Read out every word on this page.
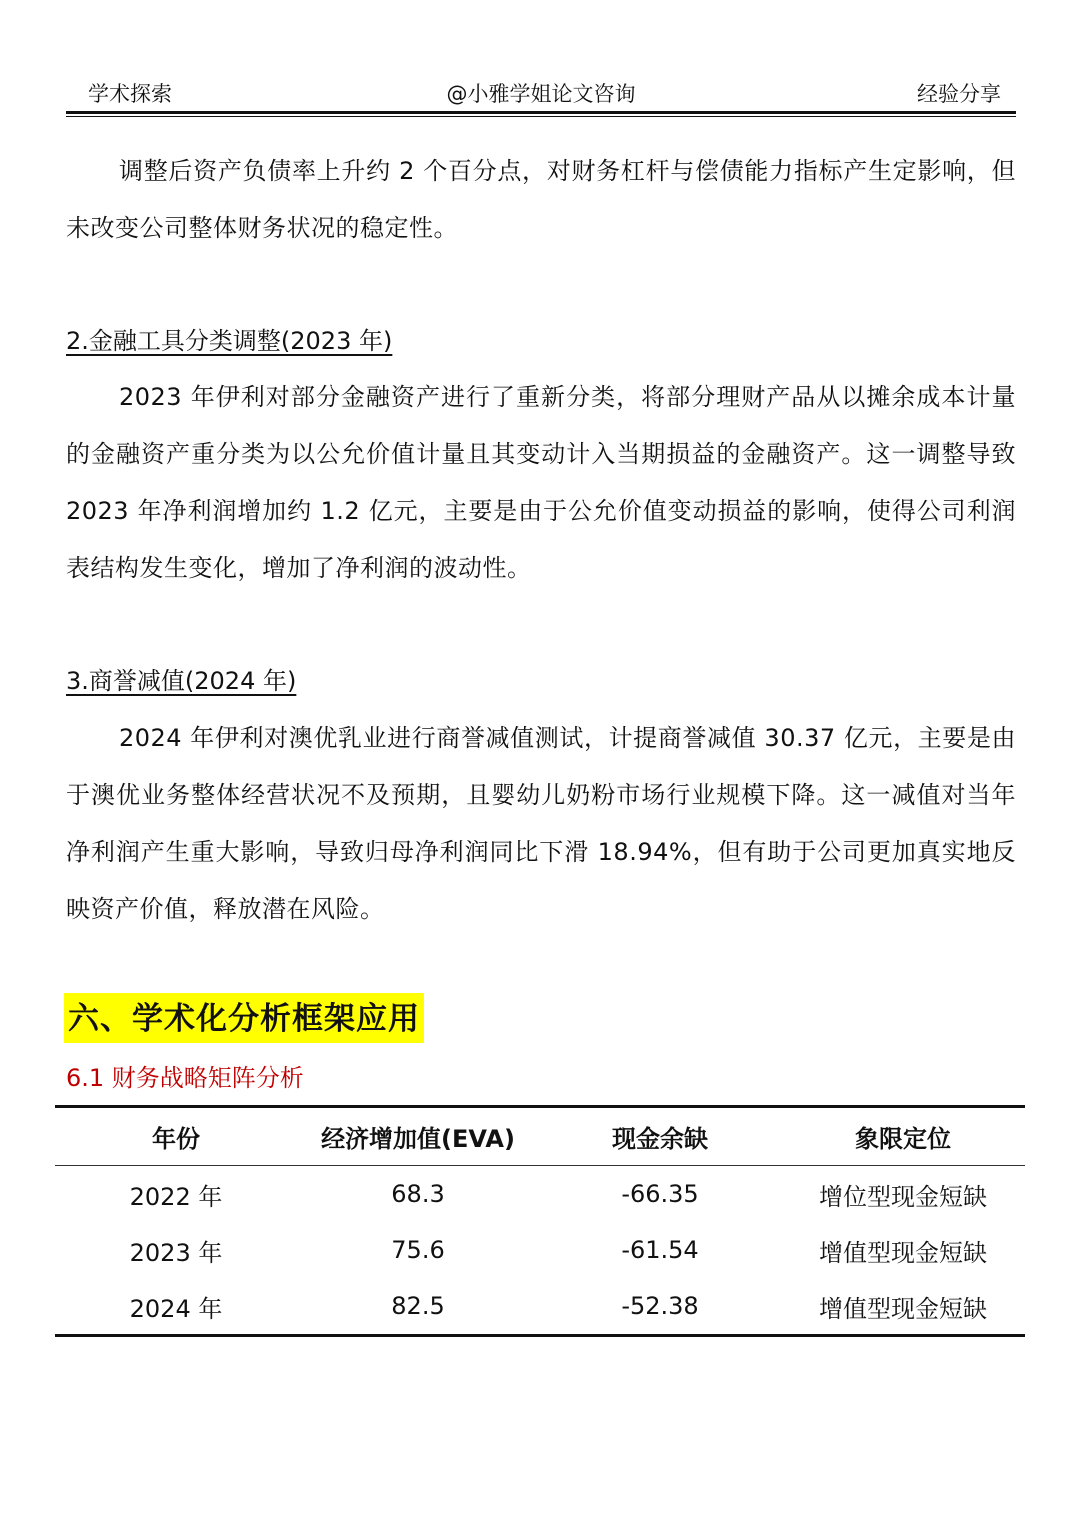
学术探索	@小雅学姐论文咨询	经验分享

调整后资产负债率上升约 2 个百分点，对财务杠杆与偿债能力指标产生定影响，但未改变公司整体财务状况的稳定性。

2.金融工具分类调整(2023 年)

2023 年伊利对部分金融资产进行了重新分类，将部分理财产品从以摊余成本计量的金融资产重分类为以公允价值计量且其变动计入当期损益的金融资产。这一调整导致 2023 年净利润增加约 1.2 亿元，主要是由于公允价值变动损益的影响，使得公司利润表结构发生变化，增加了净利润的波动性。

3.商誉减值(2024 年)

2024 年伊利对澳优乳业进行商誉减值测试，计提商誉减值 30.37 亿元，主要是由于澳优业务整体经营状况不及预期，且婴幼儿奶粉市场行业规模下降。这一减值对当年净利润产生重大影响，导致归母净利润同比下滑 18.94%，但有助于公司更加真实地反映资产价值，释放潜在风险。

六、学术化分析框架应用
6.1 财务战略矩阵分析
年份	经济增加值(EVA)	现金余缺	象限定位
2022 年	68.3	-66.35	增位型现金短缺
2023 年	75.6	-61.54	增值型现金短缺
2024 年	82.5	-52.38	增值型现金短缺
